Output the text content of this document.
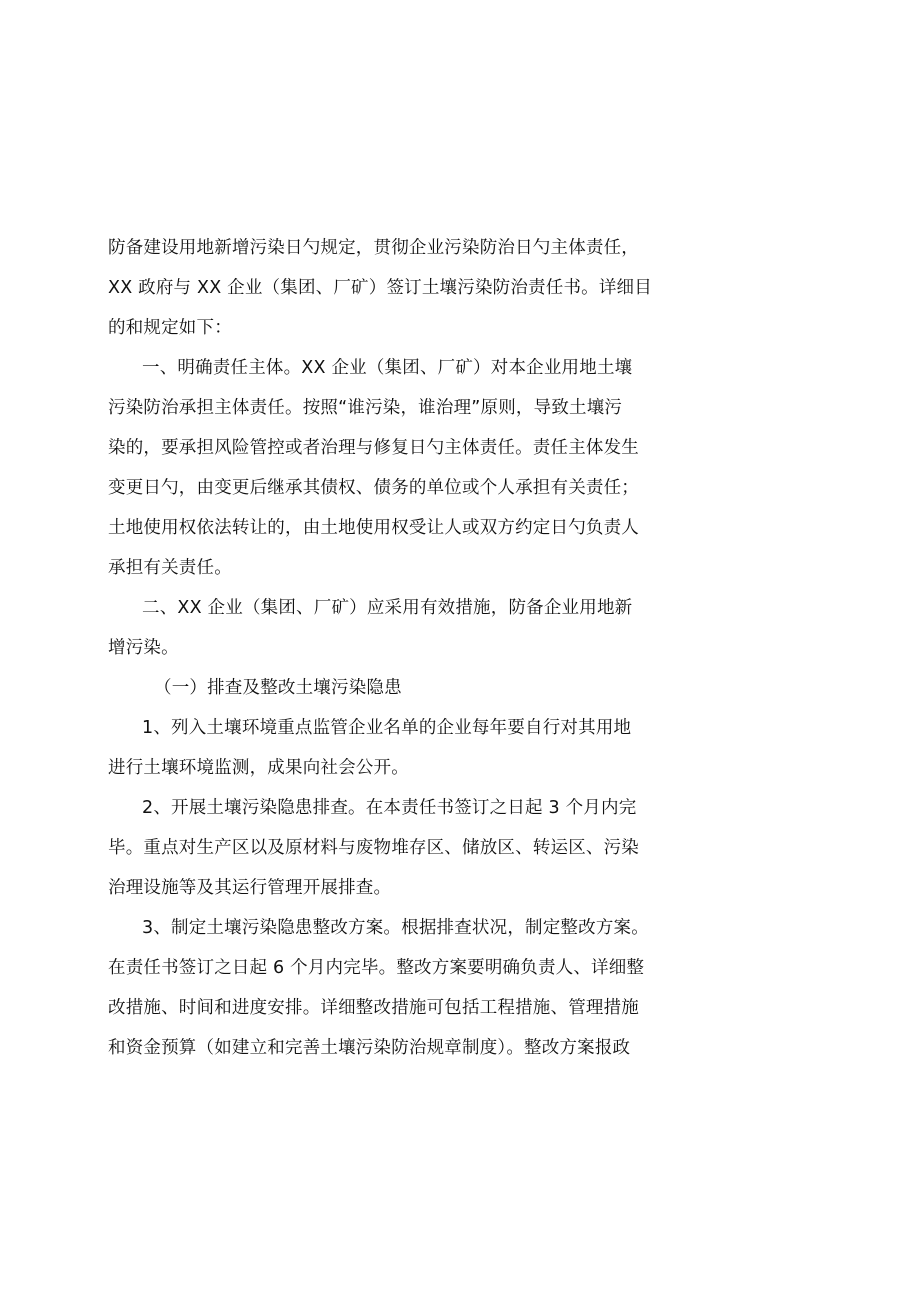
防备建设用地新增污染日勺规定，贯彻企业污染防治日勺主体责任，
XX 政府与 XX 企业（集团、厂矿）签订土壤污染防治责任书。详细目
的和规定如下：

一、明确责任主体。XX 企业（集团、厂矿）对本企业用地土壤
污染防治承担主体责任。按照“谁污染，谁治理”原则，导致土壤污
染的，要承担风险管控或者治理与修复日勺主体责任。责任主体发生
变更日勺，由变更后继承其债权、债务的单位或个人承担有关责任；
土地使用权依法转让的，由土地使用权受让人或双方约定日勺负责人
承担有关责任。

二、XX 企业（集团、厂矿）应采用有效措施，防备企业用地新
增污染。

（一）排查及整改土壤污染隐患

1、列入土壤环境重点监管企业名单的企业每年要自行对其用地
进行土壤环境监测，成果向社会公开。

2、开展土壤污染隐患排查。在本责任书签订之日起 3 个月内完
毕。重点对生产区以及原材料与废物堆存区、储放区、转运区、污染
治理设施等及其运行管理开展排查。

3、制定土壤污染隐患整改方案。根据排查状况，制定整改方案。
在责任书签订之日起 6 个月内完毕。整改方案要明确负责人、详细整
改措施、时间和进度安排。详细整改措施可包括工程措施、管理措施
和资金预算（如建立和完善土壤污染防治规章制度）。整改方案报政
